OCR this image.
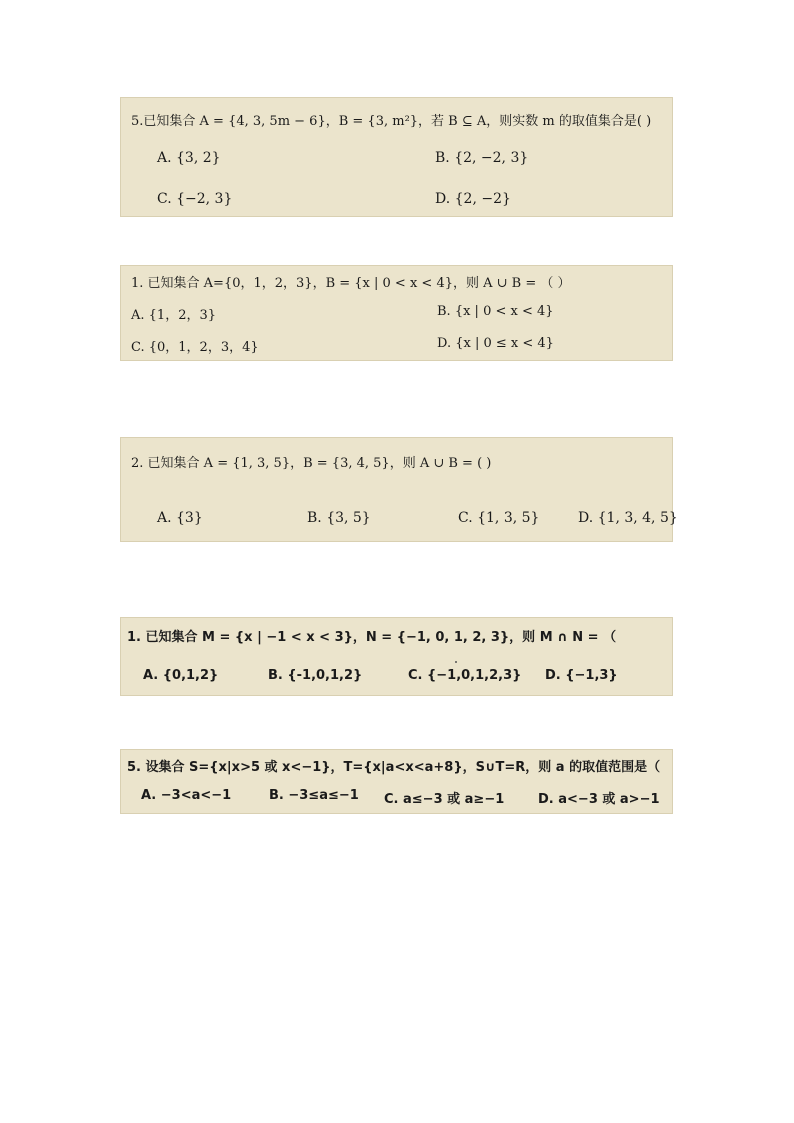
5.已知集合 A = {4, 3, 5m − 6}，B = {3, m²}，若 B ⊆ A，则实数 m 的取值集合是( )
A. {3, 2}	B. {2, −2, 3}
C. {−2, 3}	D. {2, −2}
1. 已知集合 A={0，1，2，3}，B = {x | 0 < x < 4}，则 A ∪ B = （ ）
A. {1，2，3}	B. {x | 0 < x < 4}
C. {0，1，2，3，4}	D. {x | 0 ≤ x < 4}
2. 已知集合 A = {1, 3, 5}，B = {3, 4, 5}，则 A ∪ B = ( )
A. {3}	B. {3, 5}	C. {1, 3, 5}	D. {1, 3, 4, 5}
1. 已知集合 M = {x | −1 < x < 3}，N = {−1, 0, 1, 2, 3}，则 M ∩ N = （
A. {0,1,2}	B. {-1,0,1,2}	C. {−1,0,1,2,3} D. {−1,3}
5. 设集合 S={x|x>5 或 x<−1}，T={x|a<x<a+8}，S∪T=R，则 a 的取值范围是（
A. −3<a<−1	B. −3≤a≤−1 C. a≤−3 或 a≥−1	D. a<−3 或 a>−1
